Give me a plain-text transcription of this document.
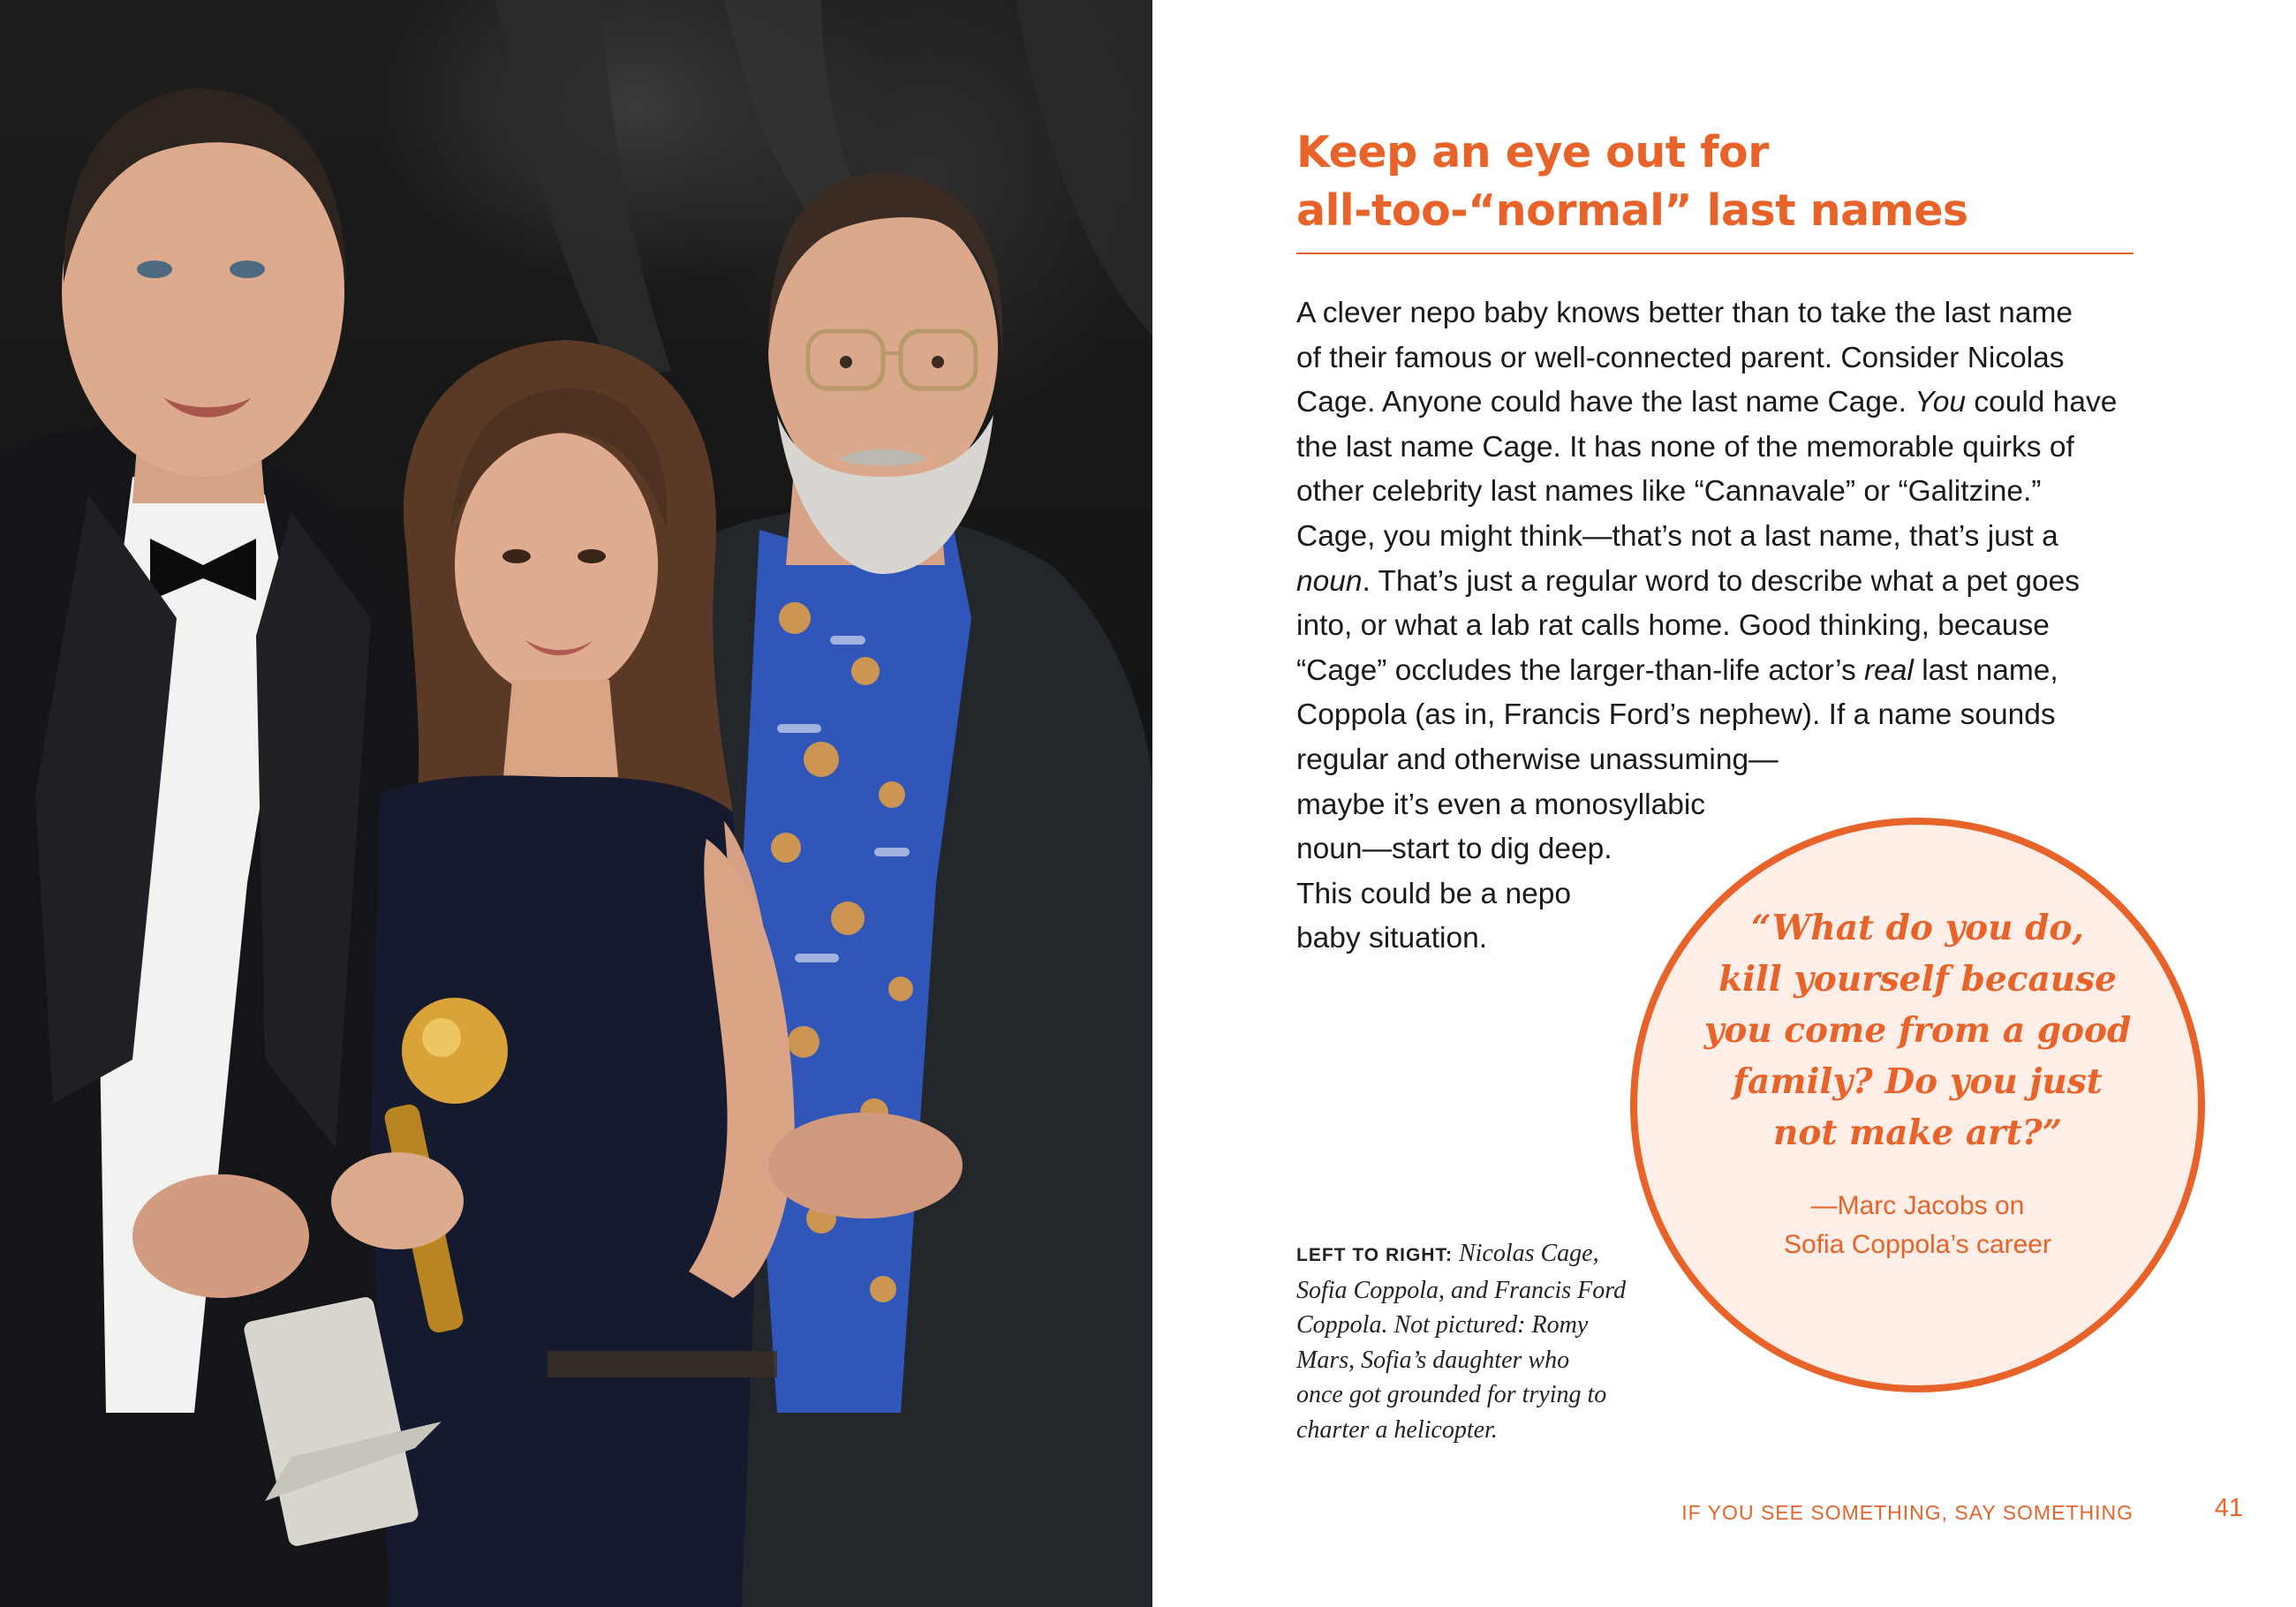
Keep an eye out for
all-too-“normal” last names
A clever nepo baby knows better than to take the last name
of their famous or well-connected parent. Consider Nicolas
Cage. Anyone could have the last name Cage. You could have
the last name Cage. It has none of the memorable quirks of
other celebrity last names like “Cannavale” or “Galitzine.”
Cage, you might think—that’s not a last name, that’s just a
noun. That’s just a regular word to describe what a pet goes
into, or what a lab rat calls home. Good thinking, because
“Cage” occludes the larger-than-life actor’s real last name,
Coppola (as in, Francis Ford’s nephew). If a name sounds
regular and otherwise unassuming—
maybe it’s even a monosyllabic
noun—start to dig deep.
This could be a nepo
baby situation.
LEFT TO RIGHT: Nicolas Cage,
Sofia Coppola, and Francis Ford
Coppola. Not pictured: Romy
Mars, Sofia’s daughter who
once got grounded for trying to
charter a helicopter.
“What do you do,
kill yourself because
you come from a good
family? Do you just
not make art?”
—Marc Jacobs on
Sofia Coppola’s career
IF YOU SEE SOMETHING, SAY SOMETHING	41
